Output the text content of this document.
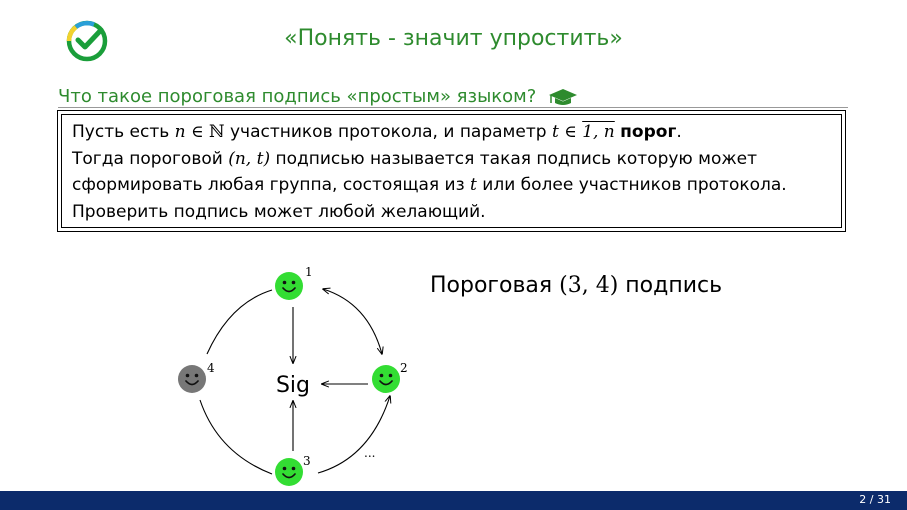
«Понять - значит упростить»
Что такое пороговая подпись «простым» языком?

Пусть есть n ∈ ℕ участников протокола, и параметр t ∈ 1, n порог.

Тогда пороговой (n, t) подписью называется такая подпись которую может

сформировать любая группа, состоящая из t или более участников протокола.

Проверить подпись может любой желающий.

Sig
1
2
3
4
...
Пороговая (3, 4) подпись
2 / 31
